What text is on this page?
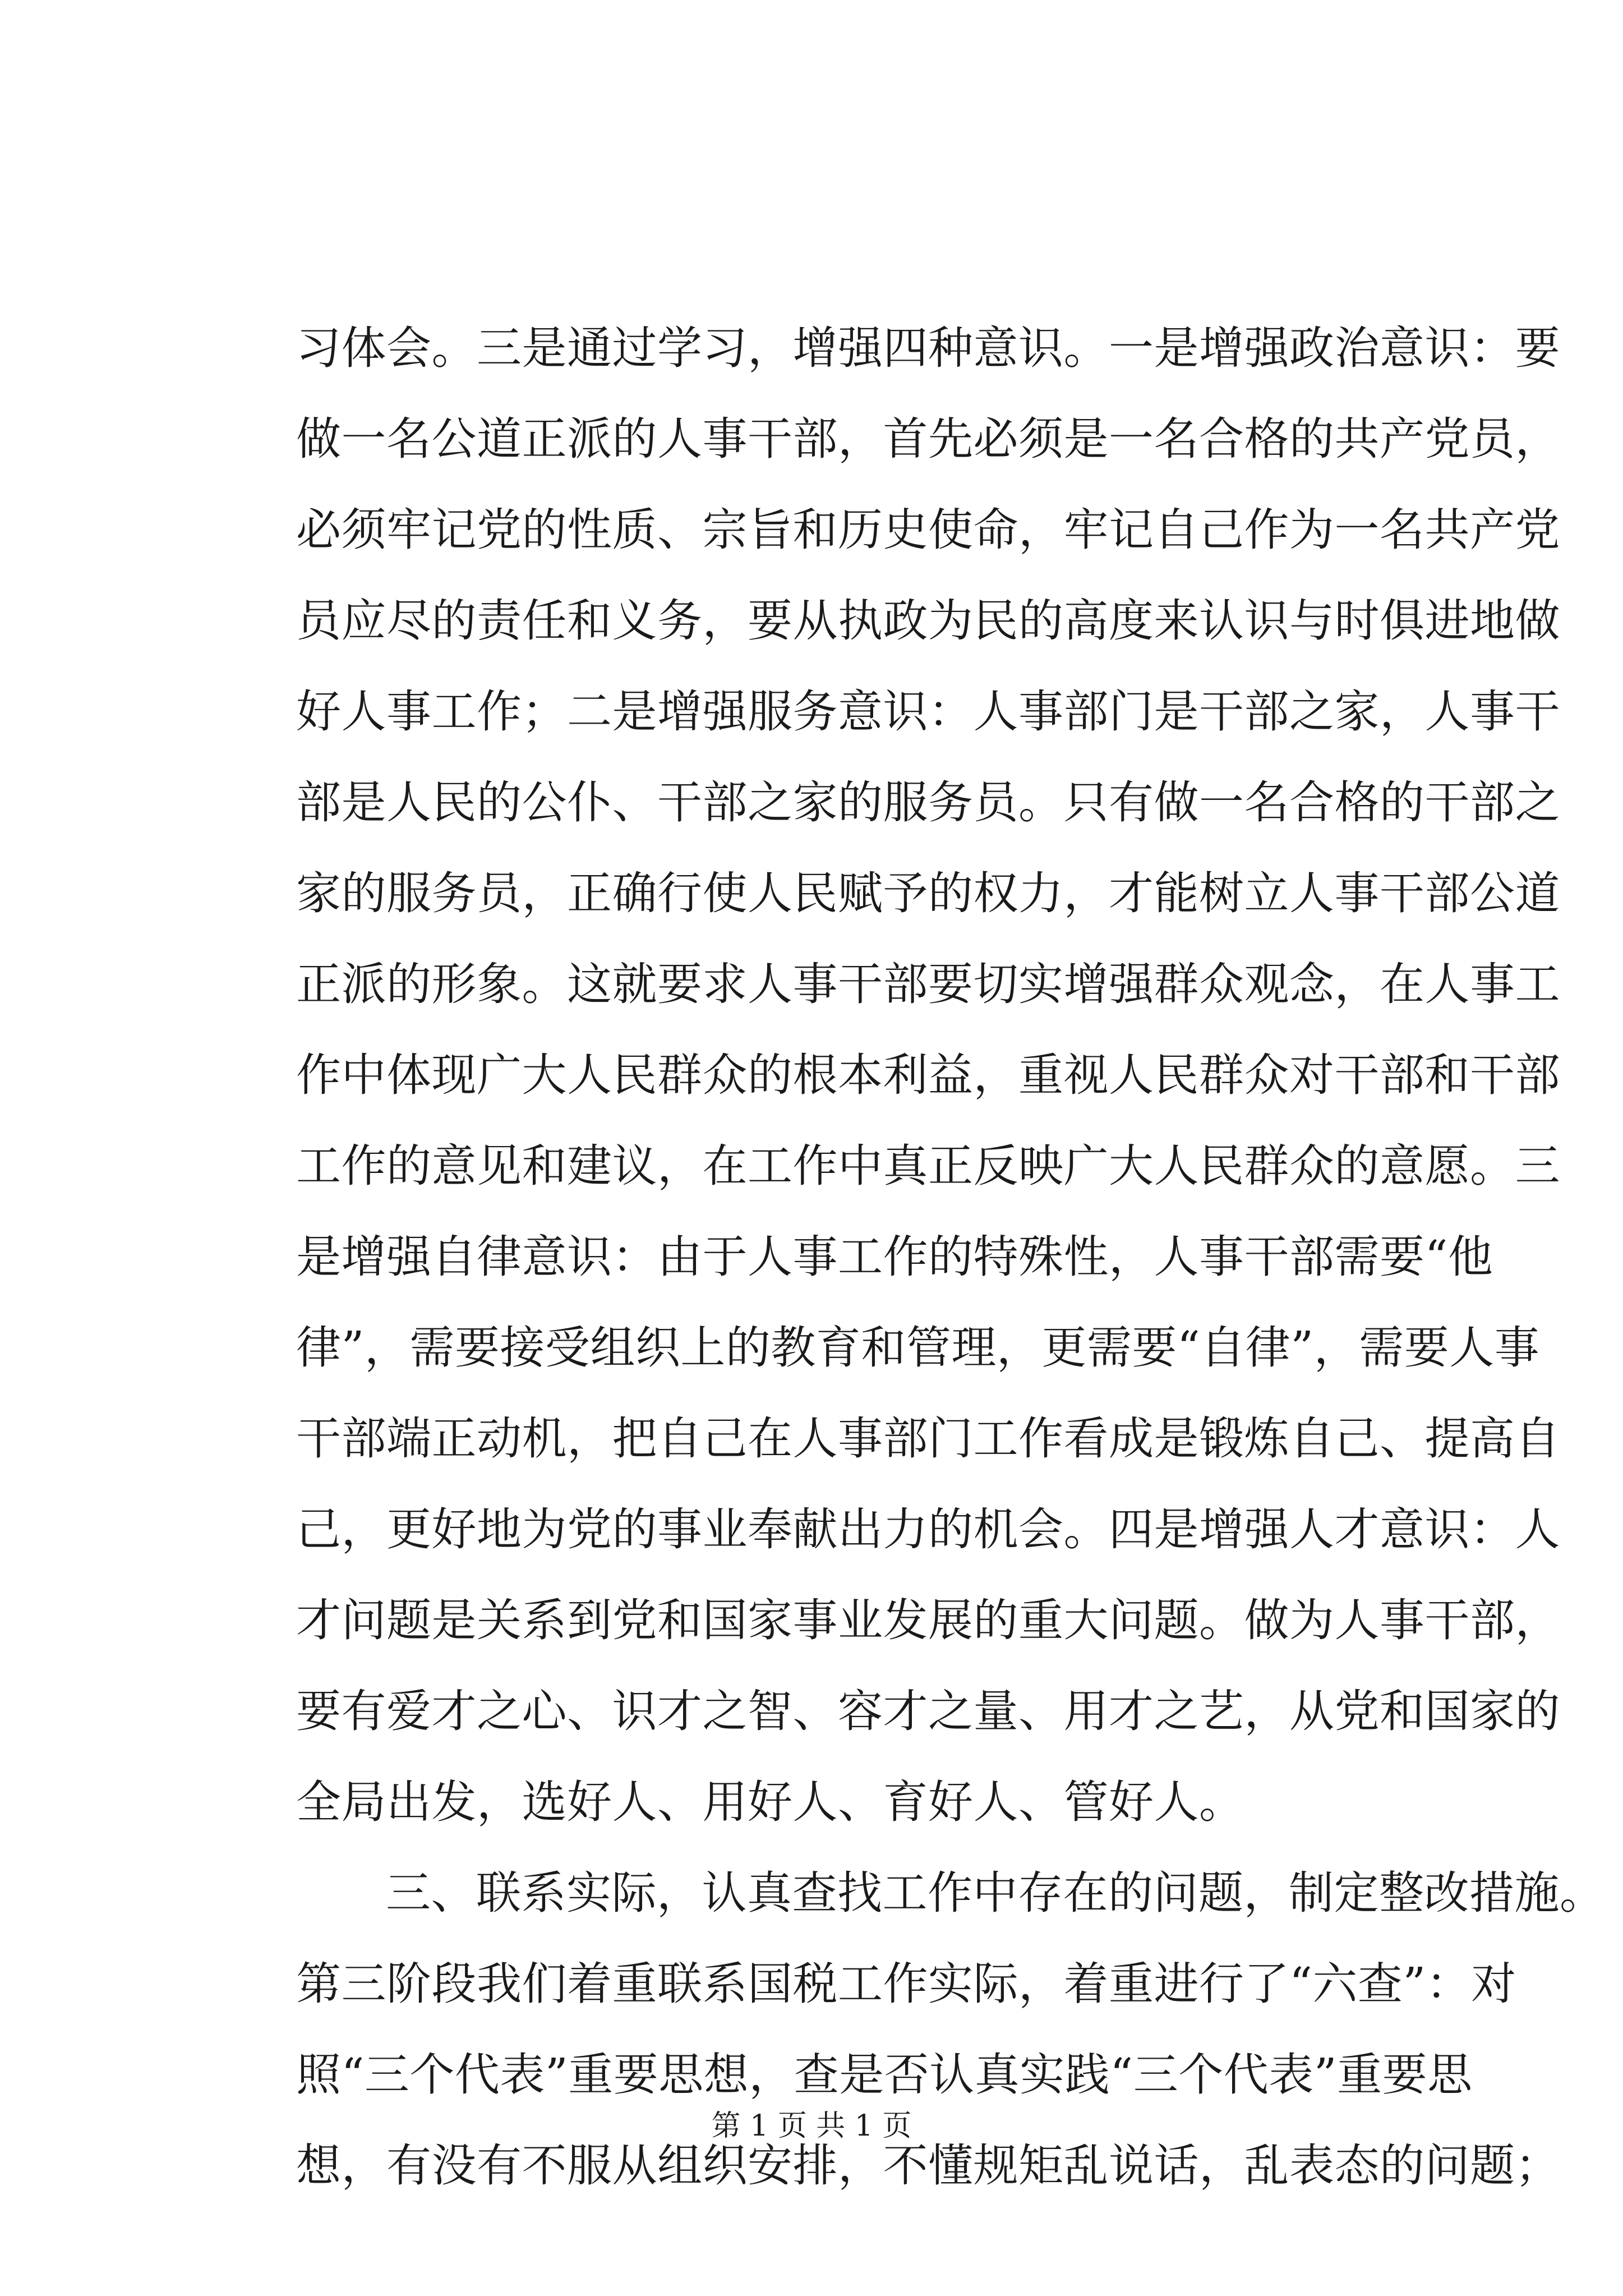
习体会。三是通过学习，增强四种意识。一是增强政治意识：要
做一名公道正派的人事干部，首先必须是一名合格的共产党员，
必须牢记党的性质、宗旨和历史使命，牢记自己作为一名共产党
员应尽的责任和义务，要从执政为民的高度来认识与时俱进地做
好人事工作；二是增强服务意识：人事部门是干部之家，人事干
部是人民的公仆、干部之家的服务员。只有做一名合格的干部之
家的服务员，正确行使人民赋予的权力，才能树立人事干部公道
正派的形象。这就要求人事干部要切实增强群众观念，在人事工
作中体现广大人民群众的根本利益，重视人民群众对干部和干部
工作的意见和建议，在工作中真正反映广大人民群众的意愿。三
是增强自律意识：由于人事工作的特殊性，人事干部需要“他
律”，需要接受组织上的教育和管理，更需要“自律”，需要人事
干部端正动机，把自己在人事部门工作看成是锻炼自己、提高自
己，更好地为党的事业奉献出力的机会。四是增强人才意识：人
才问题是关系到党和国家事业发展的重大问题。做为人事干部，
要有爱才之心、识才之智、容才之量、用才之艺，从党和国家的
全局出发，选好人、用好人、育好人、管好人。
三、联系实际，认真查找工作中存在的问题，制定整改措施。
第三阶段我们着重联系国税工作实际，着重进行了“六查”：对
照“三个代表”重要思想，查是否认真实践“三个代表”重要思
想，有没有不服从组织安排，不懂规矩乱说话，乱表态的问题；
第 1 页 共 1 页
